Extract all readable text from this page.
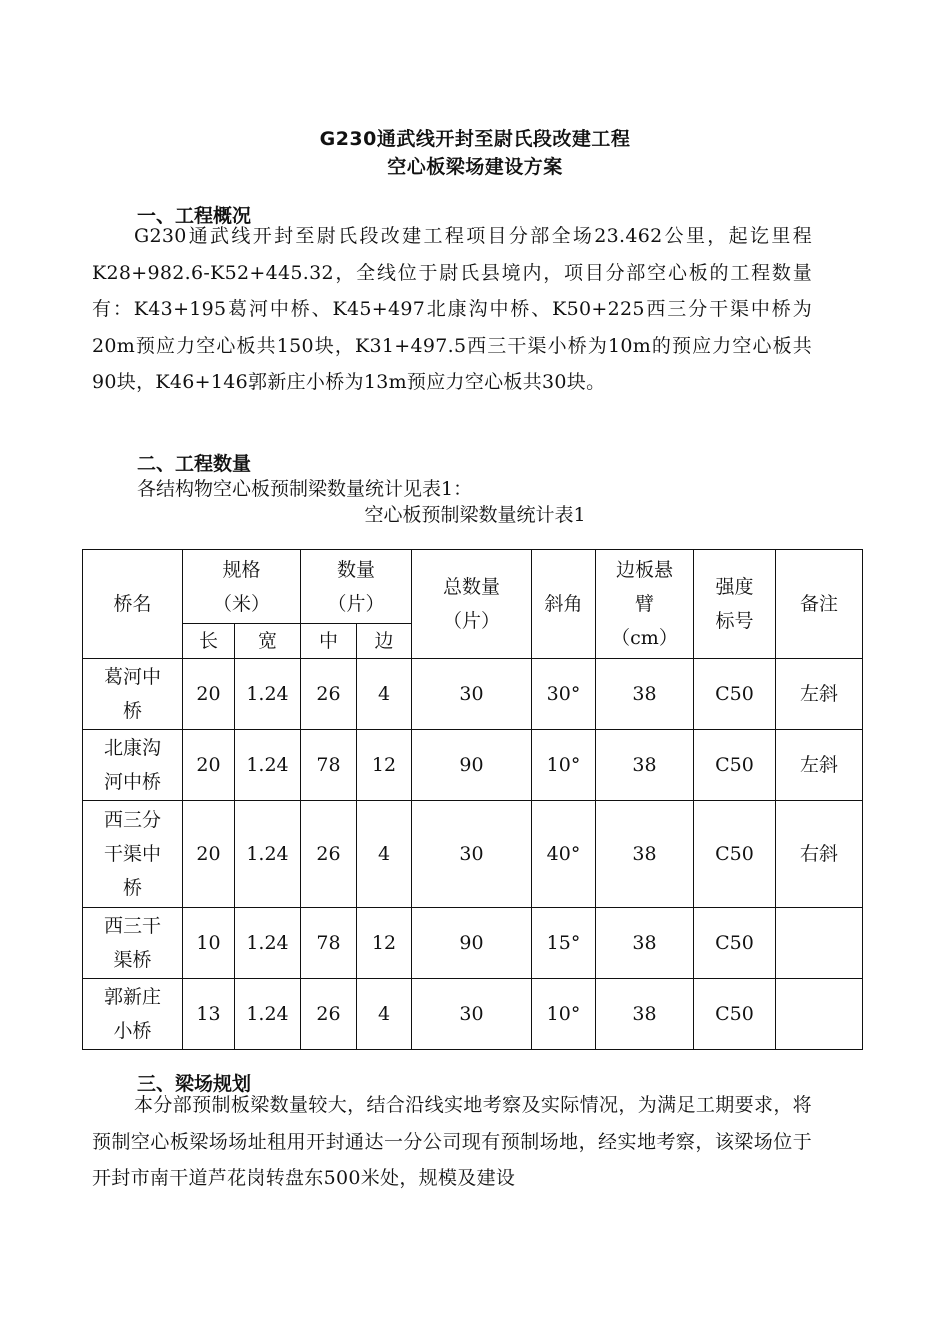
G230通武线开封至尉氏段改建工程
空心板梁场建设方案
一、工程概况
G230通武线开封至尉氏段改建工程项目分部全场23.462公里，起讫里程K28+982.6-K52+445.32，全线位于尉氏县境内，项目分部空心板的工程数量有：K43+195葛河中桥、K45+497北康沟中桥、K50+225西三分干渠中桥为20m预应力空心板共150块，K31+497.5西三干渠小桥为10m的预应力空心板共90块，K46+146郭新庄小桥为13m预应力空心板共30块。
二、工程数量
各结构物空心板预制梁数量统计见表1：
空心板预制梁数量统计表1
桥名	规格（米）		数量（片）		总数量（片）	斜角	边板悬臂（cm）	强度标号	备注
	长	宽	中	边					

葛河中桥	20	1.24	26	4	30	30°	38	C50	左斜

北康沟河中桥	20	1.24	78	12	90	10°	38	C50	左斜

西三分干渠中桥	20	1.24	26	4	30	40°	38	C50	右斜

西三干渠桥	10	1.24	78	12	90	15°	38	C50	

郭新庄小桥	13	1.24	26	4	30	10°	38	C50	
三、梁场规划
本分部预制板梁数量较大，结合沿线实地考察及实际情况，为满足工期要求，将预制空心板梁场场址租用开封通达一分公司现有预制场地，经实地考察，该梁场位于开封市南干道芦花岗转盘东500米处，规模及建设
